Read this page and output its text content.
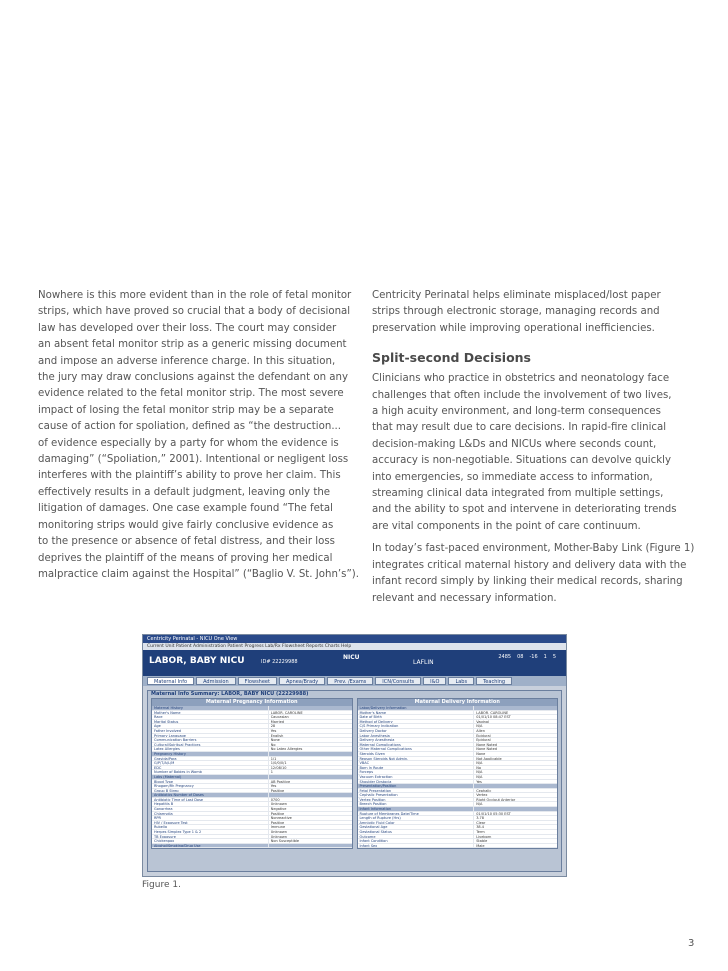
Nowhere is this more evident than in the role of fetal monitor
strips, which have proved so crucial that a body of decisional
law has developed over their loss. The court may consider
an absent fetal monitor strip as a generic missing document
and impose an adverse inference charge. In this situation,
the jury may draw conclusions against the defendant on any
evidence related to the fetal monitor strip. The most severe
impact of losing the fetal monitor strip may be a separate
cause of action for spoliation, defined as “the destruction...
of evidence especially by a party for whom the evidence is
damaging” (“Spoliation,” 2001). Intentional or negligent loss
interferes with the plaintiff’s ability to prove her claim. This
effectively results in a default judgment, leaving only the
litigation of damages. One case example found “The fetal
monitoring strips would give fairly conclusive evidence as
to the presence or absence of fetal distress, and their loss
deprives the plaintiff of the means of proving her medical
malpractice claim against the Hospital” (“Baglio V. St. John’s”).
Centricity Perinatal helps eliminate misplaced/lost paper
strips through electronic storage, managing records and
preservation while improving operational inefficiencies.
Split-second Decisions
Clinicians who practice in obstetrics and neonatology face
challenges that often include the involvement of two lives,
a high acuity environment, and long-term consequences
that may result due to care decisions. In rapid-fire clinical
decision-making L&Ds and NICUs where seconds count,
accuracy is non-negotiable. Situations can devolve quickly
into emergencies, so immediate access to information,
streaming clinical data integrated from multiple settings,
and the ability to spot and intervene in deteriorating trends
are vital components in the point of care continuum.
In today’s fast-paced environment, Mother-Baby Link (Figure 1)
integrates critical maternal history and delivery data with the
infant record simply by linking their medical records, sharing
relevant and necessary information.
Centricity Perinatal - NICU One View
Current Unit Patient Administration Patient Progress Lab/Rx Flowsheet Reports Charts Help
LABOR, BABY NICU	ID# 22229988
NICU
LAFLIN
2485 08 -16 1 5
Maternal Info	Admission	Flowsheet	Apnea/Brady	Prev. /Exams	ICN/Consults	I&O	Labs	Teaching
Maternal Info Summary: LABOR, BABY NICU (22229988)
Maternal Pregnancy Information
Maternal History
Mother's Name	LABOR, CAROLINE
Race	Caucasian
Marital Status	Married
Age	28
Father Involved	Yes
Primary Language	English
Communication Barriers	None
Cultural/Spiritual Practices	No
Latex Allergies	No Latex Allergies
Pregnancy History
Gravida/Para	1/1
G/P/T/A/L/M	1/0/0/0/1
EDC	12/08/10
Number of Babies in Womb	1
Labs (Maternal)
Blood Type	AB Positive
Rhogam/Rh Pregnancy	Yes
Group B Strep	Positive
Antibiotics Number of Doses
Antibiotic Time of Last Dose	0700
Hepatitis B	Unknown
Gonorrhea	Negative
Chlamydia	Positive
RPR	Nonreactive
HIV / Exposure Test	Positive
Rubella	Immune
Herpes Simplex Type 1 & 2	Unknown
TB Exposure	Unknown
Chickenpox	Non Susceptible
Alcohol/Smoking/Drug Use
Maternal Delivery Information
Labor/Delivery Information
Mother's Name	LABOR, CAROLINE
Date of Birth	01/01/10 08:47 EST
Method of Delivery	Vaginal
C/S Primary Indication	N/A
Delivery Doctor	Allen
Labor Anesthesia	Epidural
Delivery Anesthesia	Epidural
Maternal Complications	None Noted
Other Maternal Complications	None Noted
Steroids Given	None
Reason Steroids Not Admin.	Not Applicable
VBAC	N/A
Born In Route	No
Forceps	N/A
Vacuum Extraction	N/A
Shoulder Dystocia	Yes
Presentation/Position
Fetal Presentation	Cephalic
Cephalic Presentation	Vertex
Vertex Position	Right Occiput Anterior
Breech Position	N/A
Infant Information
Rupture of Membranes Date/Time	01/01/10 05:30 EST
Length of Rupture (Hrs)	3.78
Amniotic Fluid Color	Clear
Gestational Age	38.4
Gestational Status	Term
Outcome	Liveborn
Infant Condition	Stable
Infant Sex	Male
Figure 1.
3
